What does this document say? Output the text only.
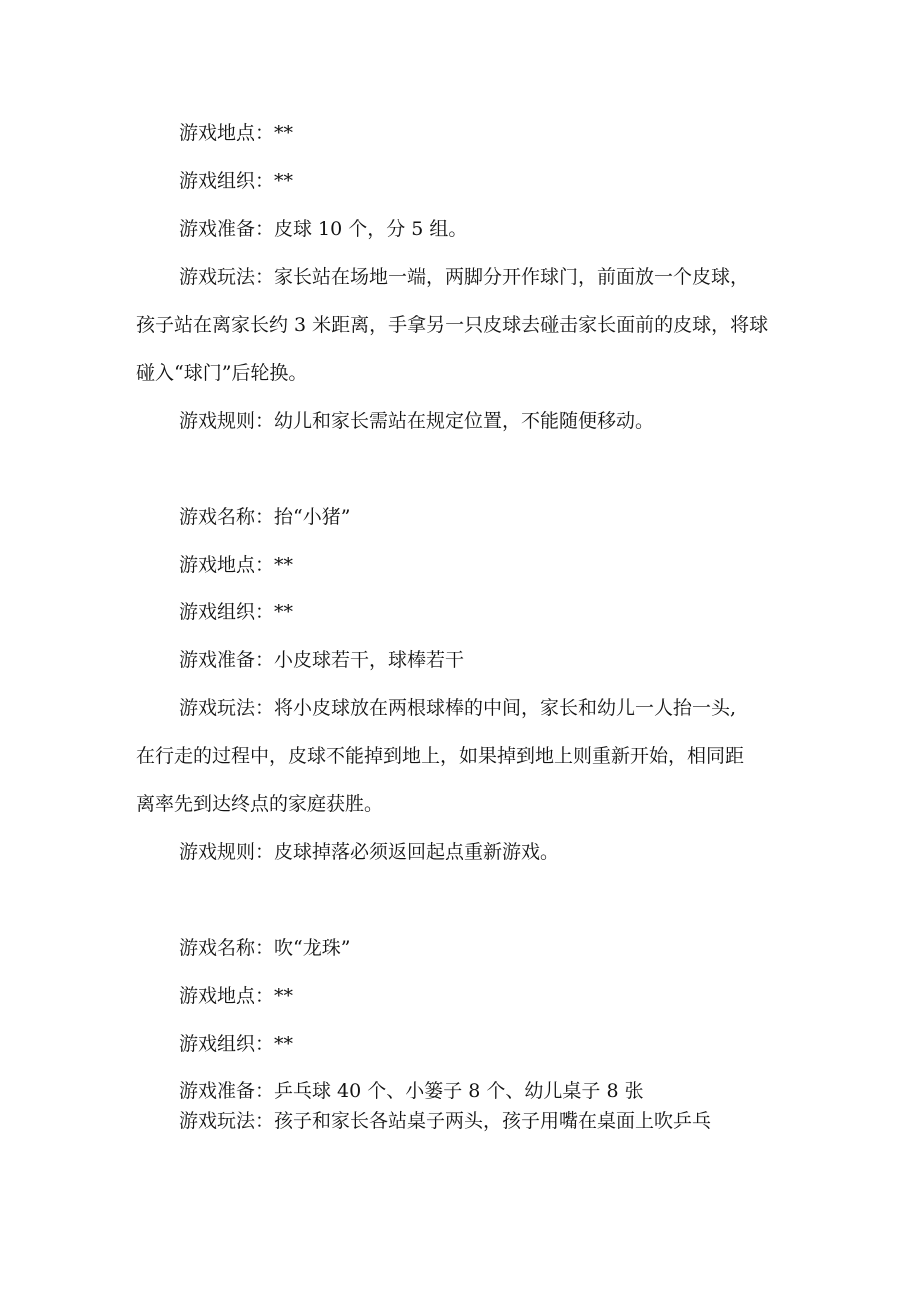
游戏地点：**
游戏组织：**
游戏准备：皮球 10 个，分 5 组。
游戏玩法：家长站在场地一端，两脚分开作球门，前面放一个皮球，
孩子站在离家长约 3 米距离，手拿另一只皮球去碰击家长面前的皮球，将球
碰入“球门”后轮换。
游戏规则：幼儿和家长需站在规定位置，不能随便移动。
游戏名称：抬“小猪”
游戏地点：**
游戏组织：**
游戏准备：小皮球若干，球棒若干
游戏玩法：将小皮球放在两根球棒的中间，家长和幼儿一人抬一头,
在行走的过程中，皮球不能掉到地上，如果掉到地上则重新开始，相同距
离率先到达终点的家庭获胜。
游戏规则：皮球掉落必须返回起点重新游戏。
游戏名称：吹“龙珠”
游戏地点：**
游戏组织：**
游戏准备：乒乓球 40 个、小篓子 8 个、幼儿桌子 8 张
游戏玩法：孩子和家长各站桌子两头，孩子用嘴在桌面上吹乒乓
